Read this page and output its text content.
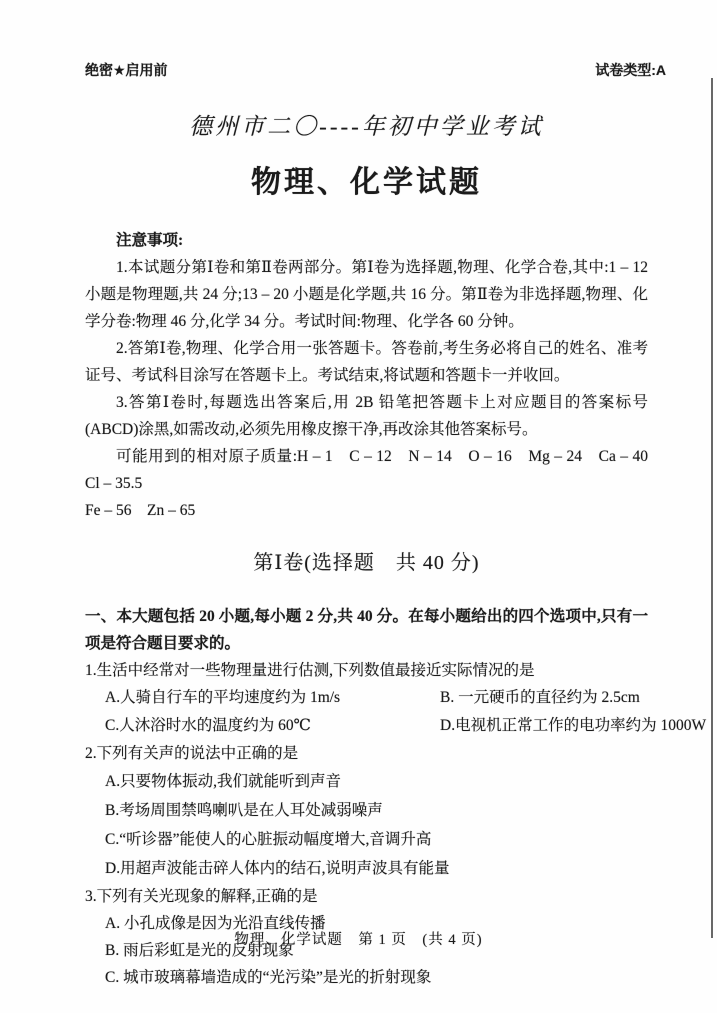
绝密★启用前	试卷类型:A
德州市二〇----年初中学业考试
物理、化学试题

注意事项:

1.本试题分第Ⅰ卷和第Ⅱ卷两部分。第Ⅰ卷为选择题,物理、化学合卷,其中:1 – 12 小题是物理题,共 24 分;13 – 20 小题是化学题,共 16 分。第Ⅱ卷为非选择题,物理、化学分卷:物理 46 分,化学 34 分。考试时间:物理、化学各 60 分钟。

2.答第Ⅰ卷,物理、化学合用一张答题卡。答卷前,考生务必将自己的姓名、准考证号、考试科目涂写在答题卡上。考试结束,将试题和答题卡一并收回。

3.答第Ⅰ卷时,每题选出答案后,用 2B 铅笔把答题卡上对应题目的答案标号(ABCD)涂黑,如需改动,必须先用橡皮擦干净,再改涂其他答案标号。

可能用到的相对原子质量:H – 1　C – 12　N – 14　O – 16　Mg – 24　Ca – 40　Cl – 35.5

Fe – 56　Zn – 65

第Ⅰ卷(选择题　共 40 分)

一、本大题包括 20 小题,每小题 2 分,共 40 分。在每小题给出的四个选项中,只有一项是符合题目要求的。

1.生活中经常对一些物理量进行估测,下列数值最接近实际情况的是

A.人骑自行车的平均速度约为 1m/s	B. 一元硬币的直径约为 2.5cm
C.人沐浴时水的温度约为 60℃	D.电视机正常工作的电功率约为 1000W

2.下列有关声的说法中正确的是

A.只要物体振动,我们就能听到声音
B.考场周围禁鸣喇叭是在人耳处减弱噪声
C.“听诊器”能使人的心脏振动幅度增大,音调升高
D.用超声波能击碎人体内的结石,说明声波具有能量

3.下列有关光现象的解释,正确的是

A. 小孔成像是因为光沿直线传播
B. 雨后彩虹是光的反射现象
C. 城市玻璃幕墙造成的“光污染”是光的折射现象
物理、化学试题　第 1 页　(共 4 页)
